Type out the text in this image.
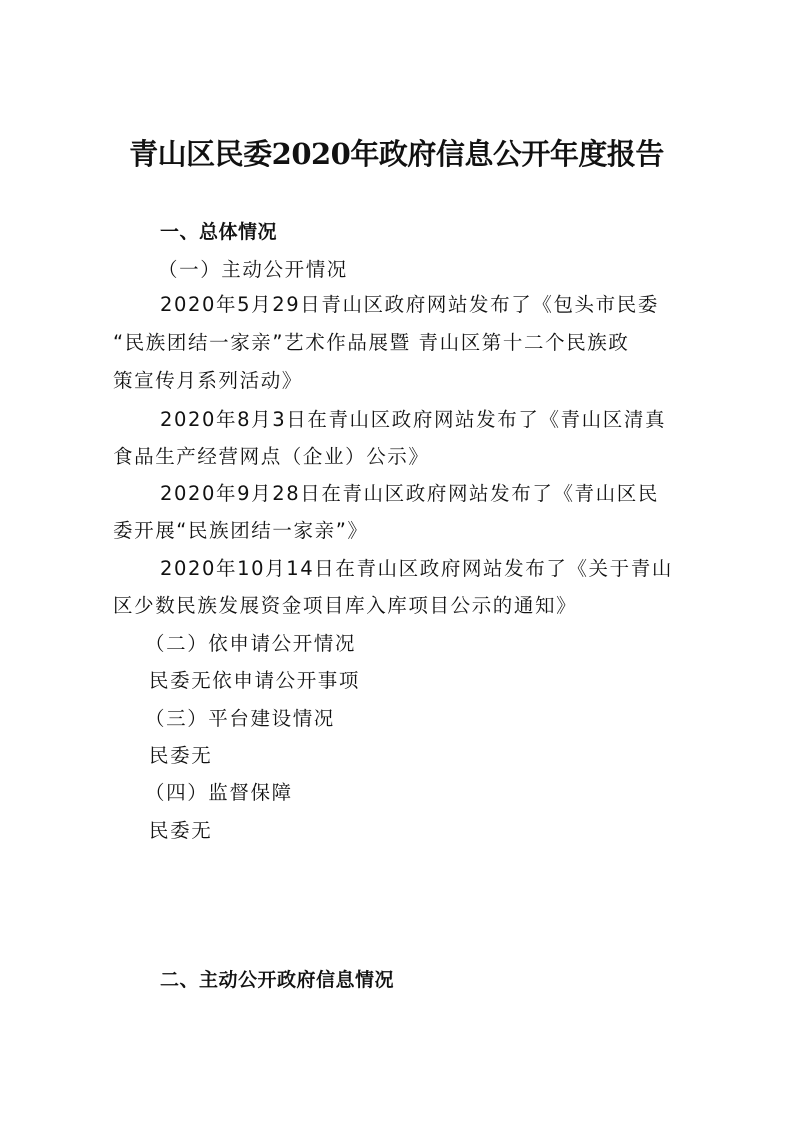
青山区民委2020年政府信息公开年度报告
一、总体情况
（一）主动公开情况
2020年5月29日青山区政府网站发布了《包头市民委
“民族团结一家亲”艺术作品展暨 青山区第十二个民族政
策宣传月系列活动》
2020年8月3日在青山区政府网站发布了《青山区清真
食品生产经营网点（企业）公示》
2020年9月28日在青山区政府网站发布了《青山区民
委开展“民族团结一家亲”》
2020年10月14日在青山区政府网站发布了《关于青山
区少数民族发展资金项目库入库项目公示的通知》
（二）依申请公开情况
民委无依申请公开事项
（三）平台建设情况
民委无
（四）监督保障
民委无
二、主动公开政府信息情况
